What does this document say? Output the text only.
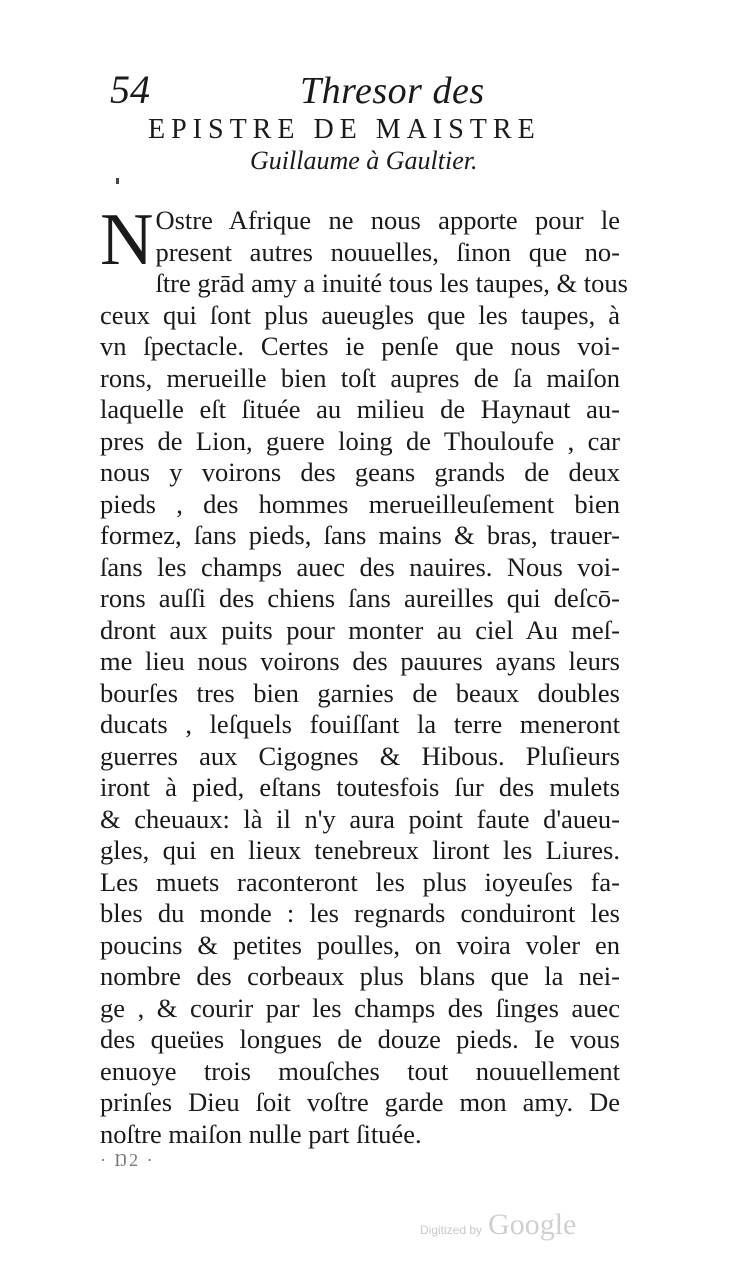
54	Thresor des
EPISTRE DE MAISTRE
Guillaume à Gaultier.
N Ostre Afrique ne nous apporte pour le
present autres nouuelles, ſinon que no-
ſtre grād amy a inuité tous les taupes, & tous
ceux qui ſont plus aueugles que les taupes, à
vn ſpectacle. Certes ie penſe que nous voi-
rons, merueille bien toſt aupres de ſa maiſon
laquelle eſt ſituée au milieu de Haynaut au-
pres de Lion, guere loing de Thouloufe , car
nous y voirons des geans grands de deux
pieds , des hommes merueilleuſement bien
formez, ſans pieds, ſans mains & bras, trauer-
ſans les champs auec des nauires. Nous voi-
rons auſſi des chiens ſans aureilles qui deſcō-
dront aux puits pour monter au ciel Au meſ-
me lieu nous voirons des pauures ayans leurs
bourſes tres bien garnies de beaux doubles
ducats , leſquels fouiſſant la terre meneront
guerres aux Cigognes & Hibous. Pluſieurs
iront à pied, eſtans toutesfois ſur des mulets
& cheuaux: là il n'y aura point faute d'aueu-
gles, qui en lieux tenebreux liront les Liures.
Les muets raconteront les plus ioyeuſes fa-
bles du monde : les regnards conduiront les
poucins & petites poulles, on voira voler en
nombre des corbeaux plus blans que la nei-
ge , & courir par les champs des ſinges auec
des queües longues de douze pieds. Ie vous
enuoye trois mouſches tout nouuellement
prinſes Dieu ſoit voſtre garde mon amy. De
noſtre maiſon nulle part ſituée.
· Ŋ2 ·
Digitized by Google
